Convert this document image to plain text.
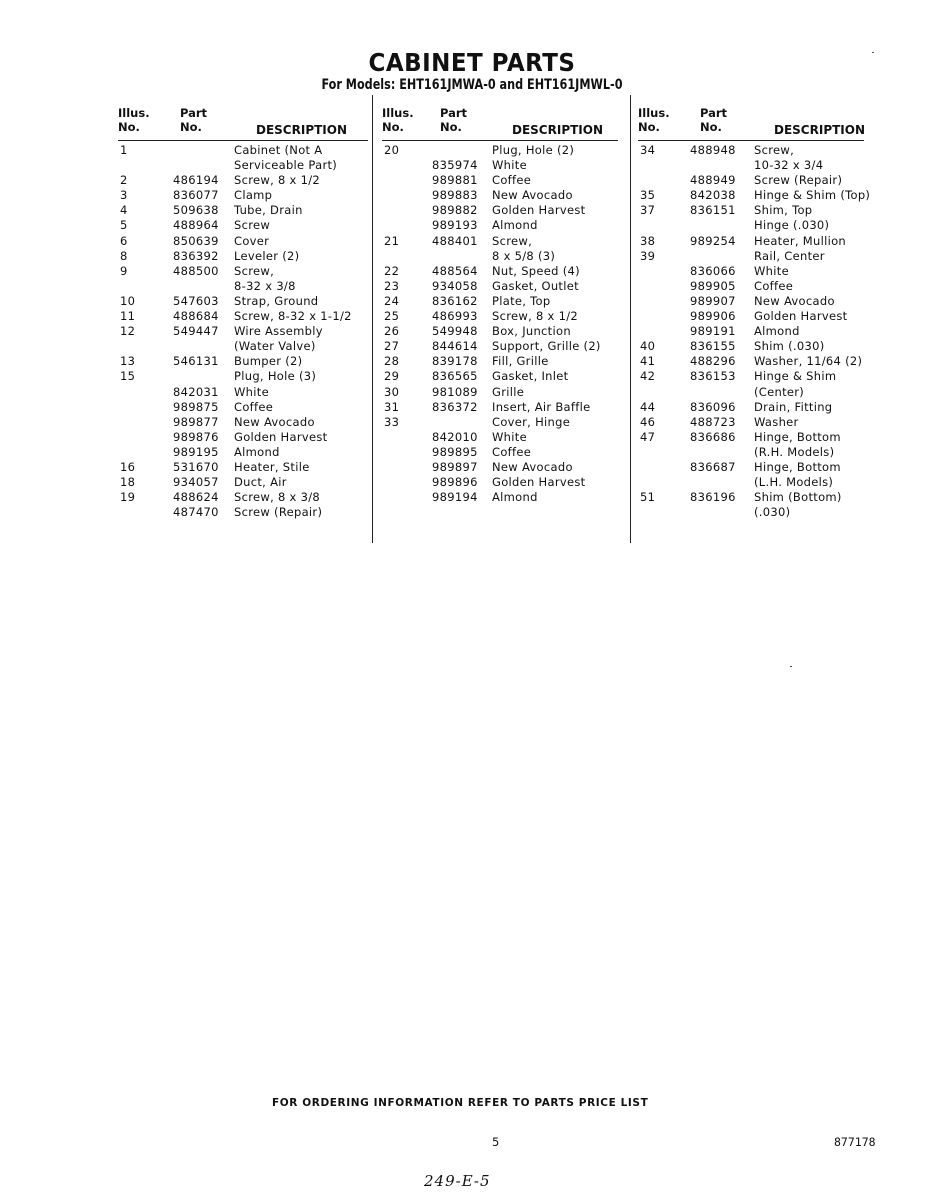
CABINET PARTS
For Models: EHT161JMWA-0 and EHT161JMWL-0
Illus.
No.
Part
No.	DESCRIPTION
1	Cabinet (Not A
Serviceable Part)
2	486194 Screw, 8 x 1/2
3	836077 Clamp
4	509638 Tube, Drain
5	488964 Screw
6	850639 Cover
8	836392 Leveler (2)
9	488500 Screw,
8-32 x 3/8
10	547603 Strap, Ground
11	488684 Screw, 8-32 x 1-1/2
12	549447 Wire Assembly
(Water Valve)
13	546131 Bumper (2)
15	Plug, Hole (3)
842031 White
989875 Coffee
989877 New Avocado
989876 Golden Harvest
989195 Almond
16	531670 Heater, Stile
18	934057 Duct, Air
19	488624 Screw, 8 x 3/8
487470 Screw (Repair)
Illus.
No.
Part
No.	DESCRIPTION
20	Plug, Hole (2)
835974 White
989881 Coffee
989883 New Avocado
989882 Golden Harvest
989193 Almond
21	488401 Screw,
8 x 5/8 (3)
22	488564 Nut, Speed (4)
23	934058 Gasket, Outlet
24	836162 Plate, Top
25	486993 Screw, 8 x 1/2
26	549948 Box, Junction
27	844614 Support, Grille (2)
28	839178 Fill, Grille
29	836565 Gasket, Inlet
30	981089 Grille
31	836372 Insert, Air Baffle
33	Cover, Hinge
842010 White
989895 Coffee
989897 New Avocado
989896 Golden Harvest
989194 Almond
Illus.
No.
Part
No.	DESCRIPTION
34	488948 Screw,
10-32 x 3/4
488949 Screw (Repair)
35	842038 Hinge & Shim (Top)
37	836151 Shim, Top
Hinge (.030)
38	989254 Heater, Mullion
39	Rail, Center
836066 White
989905 Coffee
989907 New Avocado
989906 Golden Harvest
989191 Almond
40	836155 Shim (.030)
41	488296 Washer, 11/64 (2)
42	836153 Hinge & Shim
(Center)
44	836096 Drain, Fitting
46	488723 Washer
47	836686 Hinge, Bottom
(R.H. Models)
836687 Hinge, Bottom
(L.H. Models)
51	836196 Shim (Bottom)
(.030)
FOR ORDERING INFORMATION REFER TO PARTS PRICE LIST
5	877178
249-E-5
